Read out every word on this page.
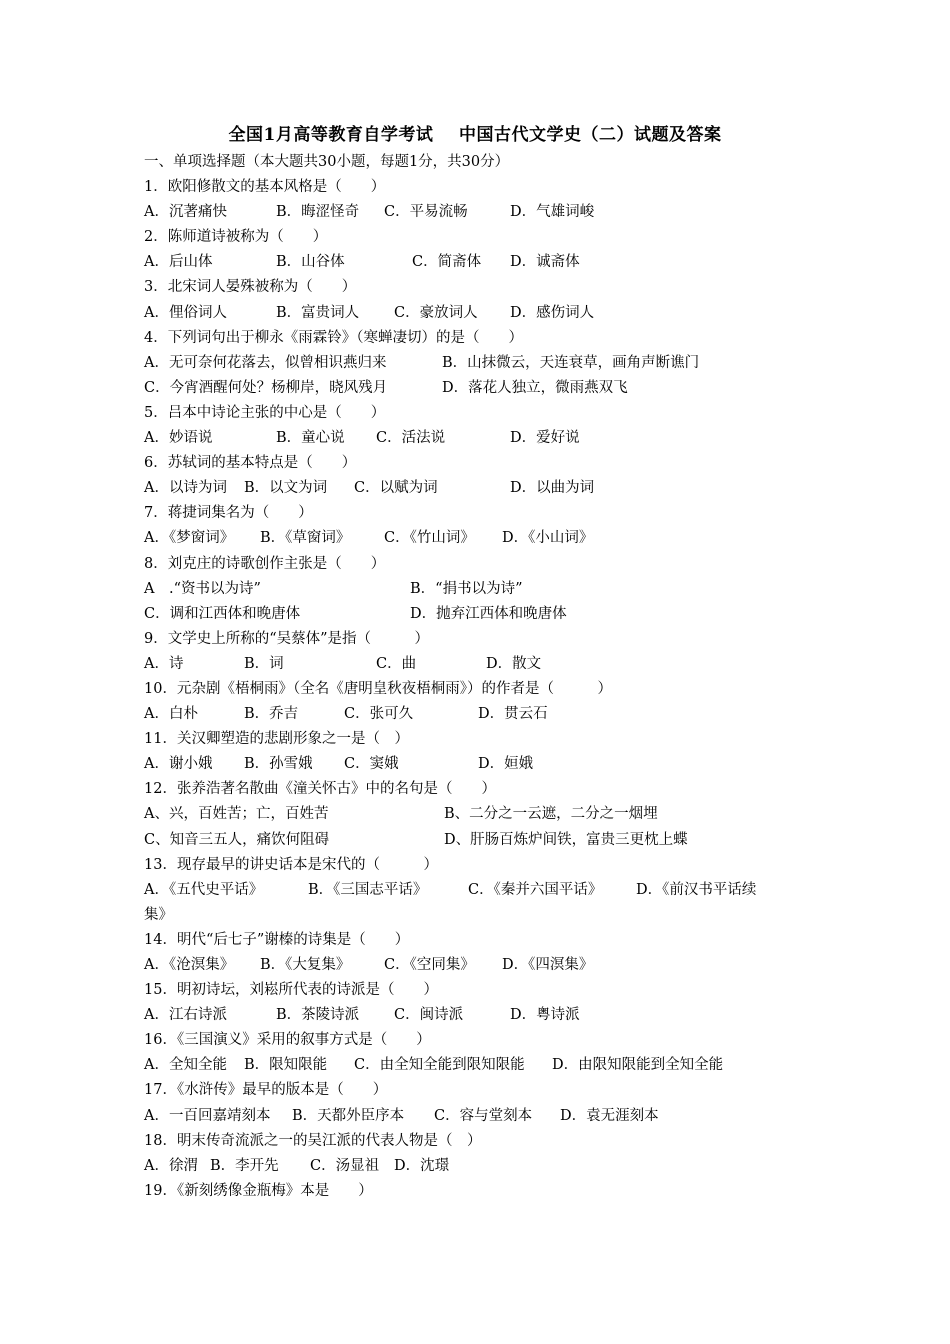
全国1月高等教育自学考试    中国古代文学史（二）试题及答案
一、单项选择题（本大题共30小题，每题1分，共30分）
1．欧阳修散文的基本风格是（　　）

A．沉著痛快

	B．晦涩怪奇

C．平易流畅

	D．气雄词峻

2．陈师道诗被称为（　　）

A．后山体

	B．山谷体

	C．简斋体

D．诚斋体

3．北宋词人晏殊被称为（　　）

A．俚俗词人

	B．富贵词人

C．豪放词人

D．感伤词人

4．下列词句出于柳永《雨霖铃》（寒蝉凄切）的是（　　）

A．无可奈何花落去，似曾相识燕归来

	B．山抹微云，天连衰草，画角声断谯门

C．今宵酒醒何处？杨柳岸，晓风残月

	D．落花人独立，微雨燕双飞

5．吕本中诗论主张的中心是（　　）

A．妙语说

	B．童心说

C．活法说

	D．爱好说

6．苏轼词的基本特点是（　　）

A．以诗为词

B．以文为词

C．以赋为词

	D．以曲为词

7．蒋捷词集名为（　　）

A．《梦窗词》

B．《草窗词》

C．《竹山词》

D．《小山词》

8．刘克庄的诗歌创作主张是（　　）

A　.“资书以为诗”

	B．“捐书以为诗”

C．调和江西体和晚唐体

	D．抛弃江西体和晚唐体

9．文学史上所称的“吴蔡体”是指（　　　）

A．诗

	B．词

	C．曲

	D．散文

10．元杂剧《梧桐雨》（全名《唐明皇秋夜梧桐雨》）的作者是（　　　）

A．白朴

	B．乔吉

	C．张可久

	D．贯云石

11．关汉卿塑造的悲剧形象之一是（　）

A．谢小娥

B．孙雪娥

C．窦娥

	D．姮娥

12．张养浩著名散曲《潼关怀古》中的名句是（　　）

A、兴，百姓苦；亡，百姓苦

	B、二分之一云遮，二分之一烟埋

C、知音三五人，痛饮何阻碍

	D、肝肠百炼炉间铁，富贵三更枕上蝶

13．现存最早的讲史话本是宋代的（　　　）

A．《五代史平话》

	B．《三国志平话》

	C．《秦并六国平话》

D．《前汉书平话续

集》

14．明代“后七子”谢榛的诗集是（　　）

A．《沧溟集》

B．《大复集》

C．《空同集》

D．《四溟集》

15．明初诗坛，刘崧所代表的诗派是（　　）

A．江右诗派

	B．茶陵诗派

C．闽诗派

	D．粤诗派

16．《三国演义》采用的叙事方式是（　　）

A．全知全能

B．限知限能

C．由全知全能到限知限能

D．由限知限能到全知全能

17．《水浒传》最早的版本是（　　）

A．一百回嘉靖刻本

B．天都外臣序本

C．容与堂刻本

D．袁无涯刻本

18．明末传奇流派之一的吴江派的代表人物是（　）

A．徐渭

B．李开先

C．汤显祖

D．沈璟

19．《新刻绣像金瓶梅》本是　　）
